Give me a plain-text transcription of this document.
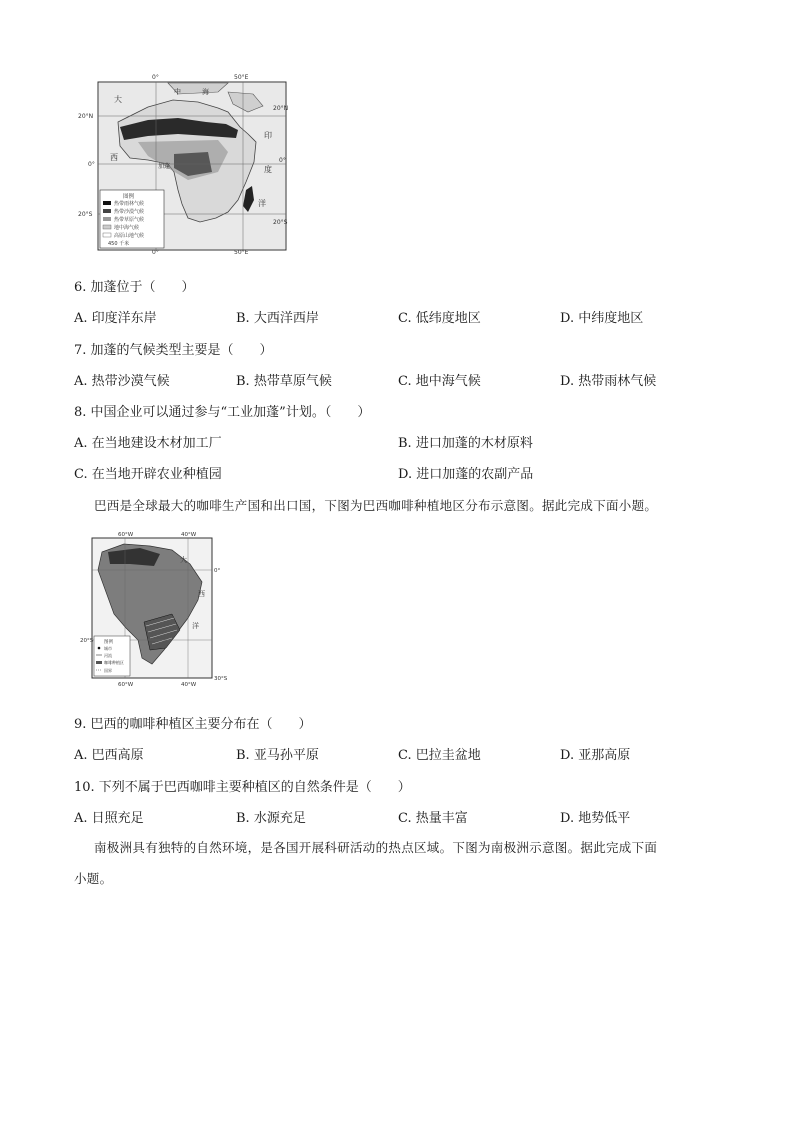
0°	50°E
0°	50°E
20°N
0°
20°S
20°N
0°
20°S
大
西
中	海
印
度
洋
加蓬
图例
热带雨林气候
热带沙漠气候
热带草原气候
地中海气候
高原山地气候
450 千米
6. 加蓬位于（　　）
A. 印度洋东岸	B. 大西洋西岸	C. 低纬度地区	D. 中纬度地区
7. 加蓬的气候类型主要是（　　）
A. 热带沙漠气候	B. 热带草原气候	C. 地中海气候	D. 热带雨林气候
8. 中国企业可以通过参与“工业加蓬”计划。（　　）
A. 在当地建设木材加工厂	B. 进口加蓬的木材原料
C. 在当地开辟农业种植园	D. 进口加蓬的农副产品
巴西是全球最大的咖啡生产国和出口国，下图为巴西咖啡种植地区分布示意图。据此完成下面小题。
60°W	40°W
60°W	40°W
0°
20°S
30°S
大
西
洋
图例
城市
河流
咖啡种植区
国界
9. 巴西的咖啡种植区主要分布在（　　）
A. 巴西高原	B. 亚马孙平原	C. 巴拉圭盆地	D. 亚那高原
10. 下列不属于巴西咖啡主要种植区的自然条件是（　　）
A. 日照充足	B. 水源充足	C. 热量丰富	D. 地势低平
南极洲具有独特的自然环境，是各国开展科研活动的热点区域。下图为南极洲示意图。据此完成下面
小题。
